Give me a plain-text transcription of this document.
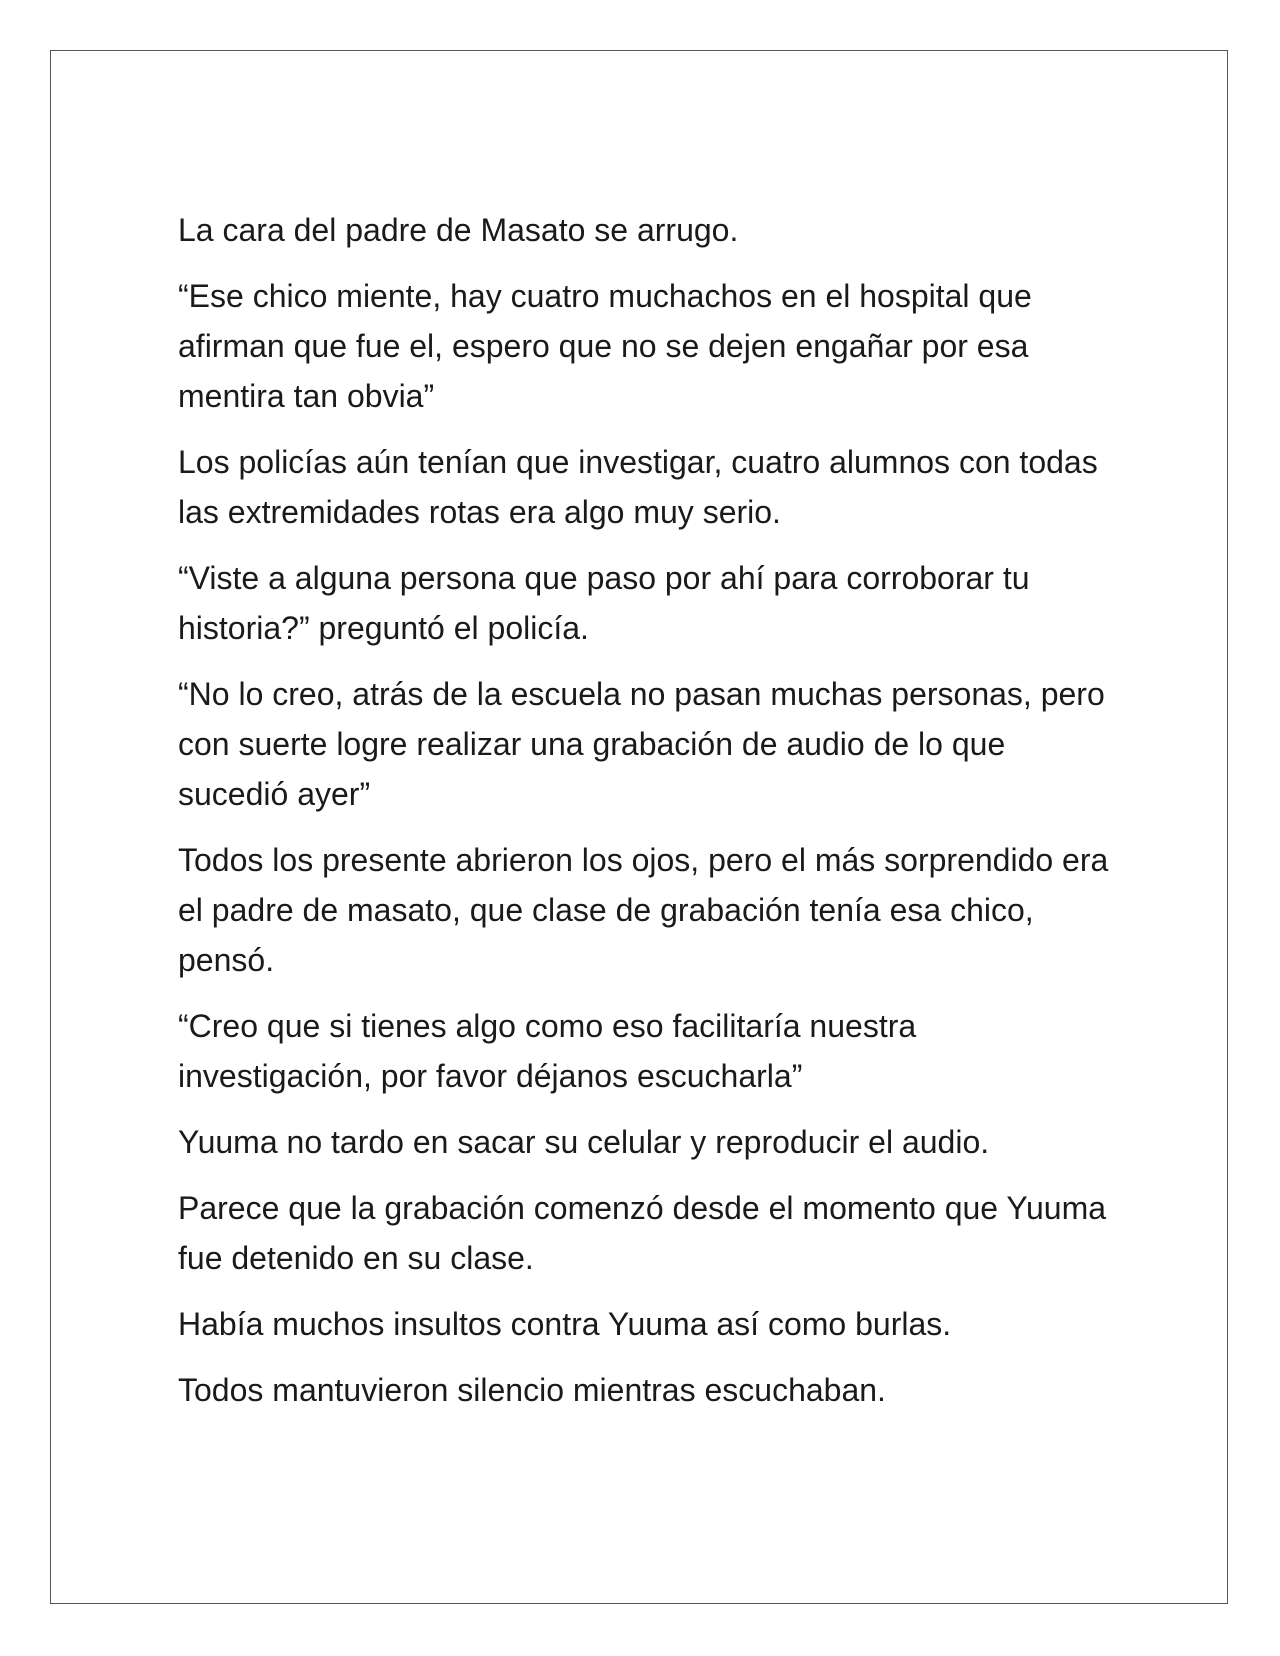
La cara del padre de Masato se arrugo.

“Ese chico miente, hay cuatro muchachos en el hospital que afirman que fue el, espero que no se dejen engañar por esa mentira tan obvia”

Los policías aún tenían que investigar, cuatro alumnos con todas las extremidades rotas era algo muy serio.

“Viste a alguna persona que paso por ahí para corroborar tu historia?” preguntó el policía.

“No lo creo, atrás de la escuela no pasan muchas personas, pero con suerte logre realizar una grabación de audio de lo que sucedió ayer”

Todos los presente abrieron los ojos, pero el más sorprendido era el padre de masato, que clase de grabación tenía esa chico, pensó.

“Creo que si tienes algo como eso facilitaría nuestra investigación, por favor déjanos escucharla”

Yuuma no tardo en sacar su celular y reproducir el audio.

Parece que la grabación comenzó desde el momento que Yuuma fue detenido en su clase.

Había muchos insultos contra Yuuma así como burlas.

Todos mantuvieron silencio mientras escuchaban.
